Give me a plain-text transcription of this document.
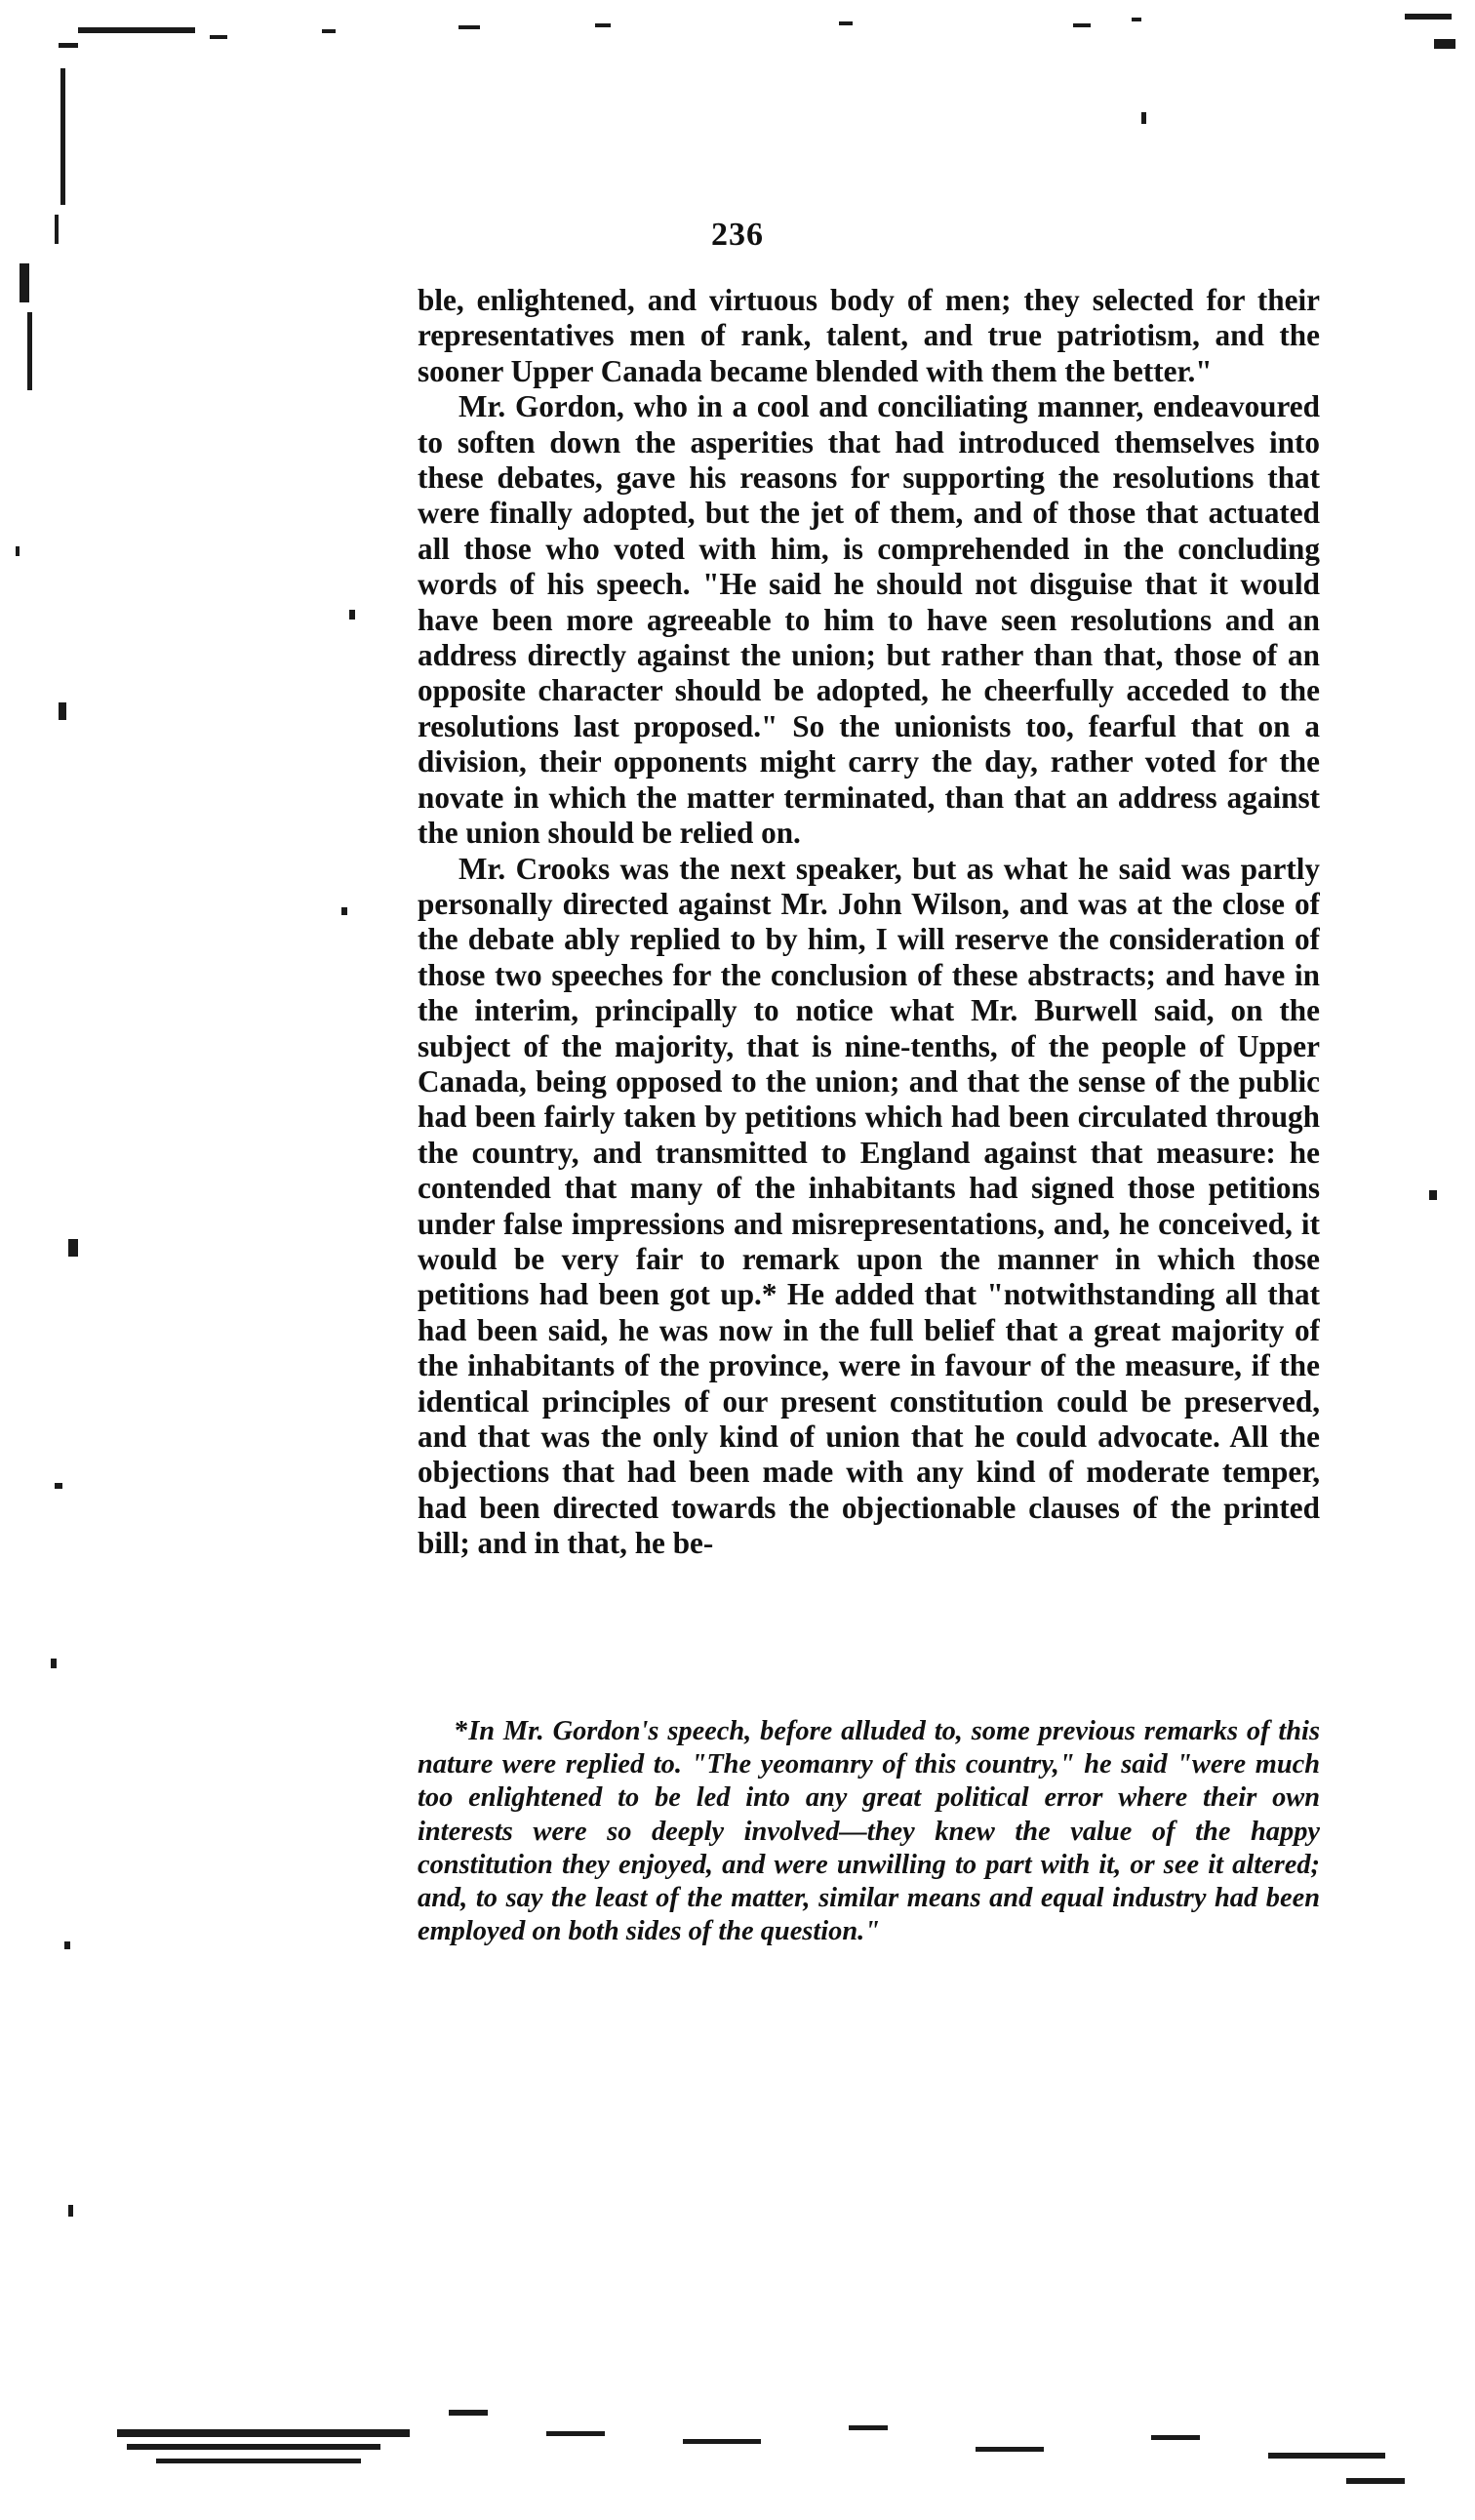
236

ble, enlightened, and virtuous body of men; they selected for their representatives men of rank, talent, and true patriotism, and the sooner Upper Canada became blended with them the better."

Mr. Gordon, who in a cool and conciliating manner, endeavoured to soften down the asperities that had introduced themselves into these debates, gave his reasons for supporting the resolutions that were finally adopted, but the jet of them, and of those that actuated all those who voted with him, is comprehended in the concluding words of his speech. "He said he should not disguise that it would have been more agreeable to him to have seen resolutions and an address directly against the union; but rather than that, those of an opposite character should be adopted, he cheerfully acceded to the resolutions last proposed." So the unionists too, fearful that on a division, their opponents might carry the day, rather voted for the novate in which the matter terminated, than that an address against the union should be relied on.

Mr. Crooks was the next speaker, but as what he said was partly personally directed against Mr. John Wilson, and was at the close of the debate ably replied to by him, I will reserve the consideration of those two speeches for the conclusion of these abstracts; and have in the interim, principally to notice what Mr. Burwell said, on the subject of the majority, that is nine-tenths, of the people of Upper Canada, being opposed to the union; and that the sense of the public had been fairly taken by petitions which had been circulated through the country, and transmitted to England against that measure: he contended that many of the inhabitants had signed those petitions under false impressions and misrepresentations, and, he conceived, it would be very fair to remark upon the manner in which those petitions had been got up.* He added that "notwithstanding all that had been said, he was now in the full belief that a great majority of the inhabitants of the province, were in favour of the measure, if the identical principles of our present constitution could be preserved, and that was the only kind of union that he could advocate. All the objections that had been made with any kind of moderate temper, had been directed towards the objectionable clauses of the printed bill; and in that, he be-

*In Mr. Gordon's speech, before alluded to, some previous remarks of this nature were replied to. "The yeomanry of this country," he said "were much too enlightened to be led into any great political error where their own interests were so deeply involved—they knew the value of the happy constitution they enjoyed, and were unwilling to part with it, or see it altered; and, to say the least of the matter, similar means and equal industry had been employed on both sides of the question."
